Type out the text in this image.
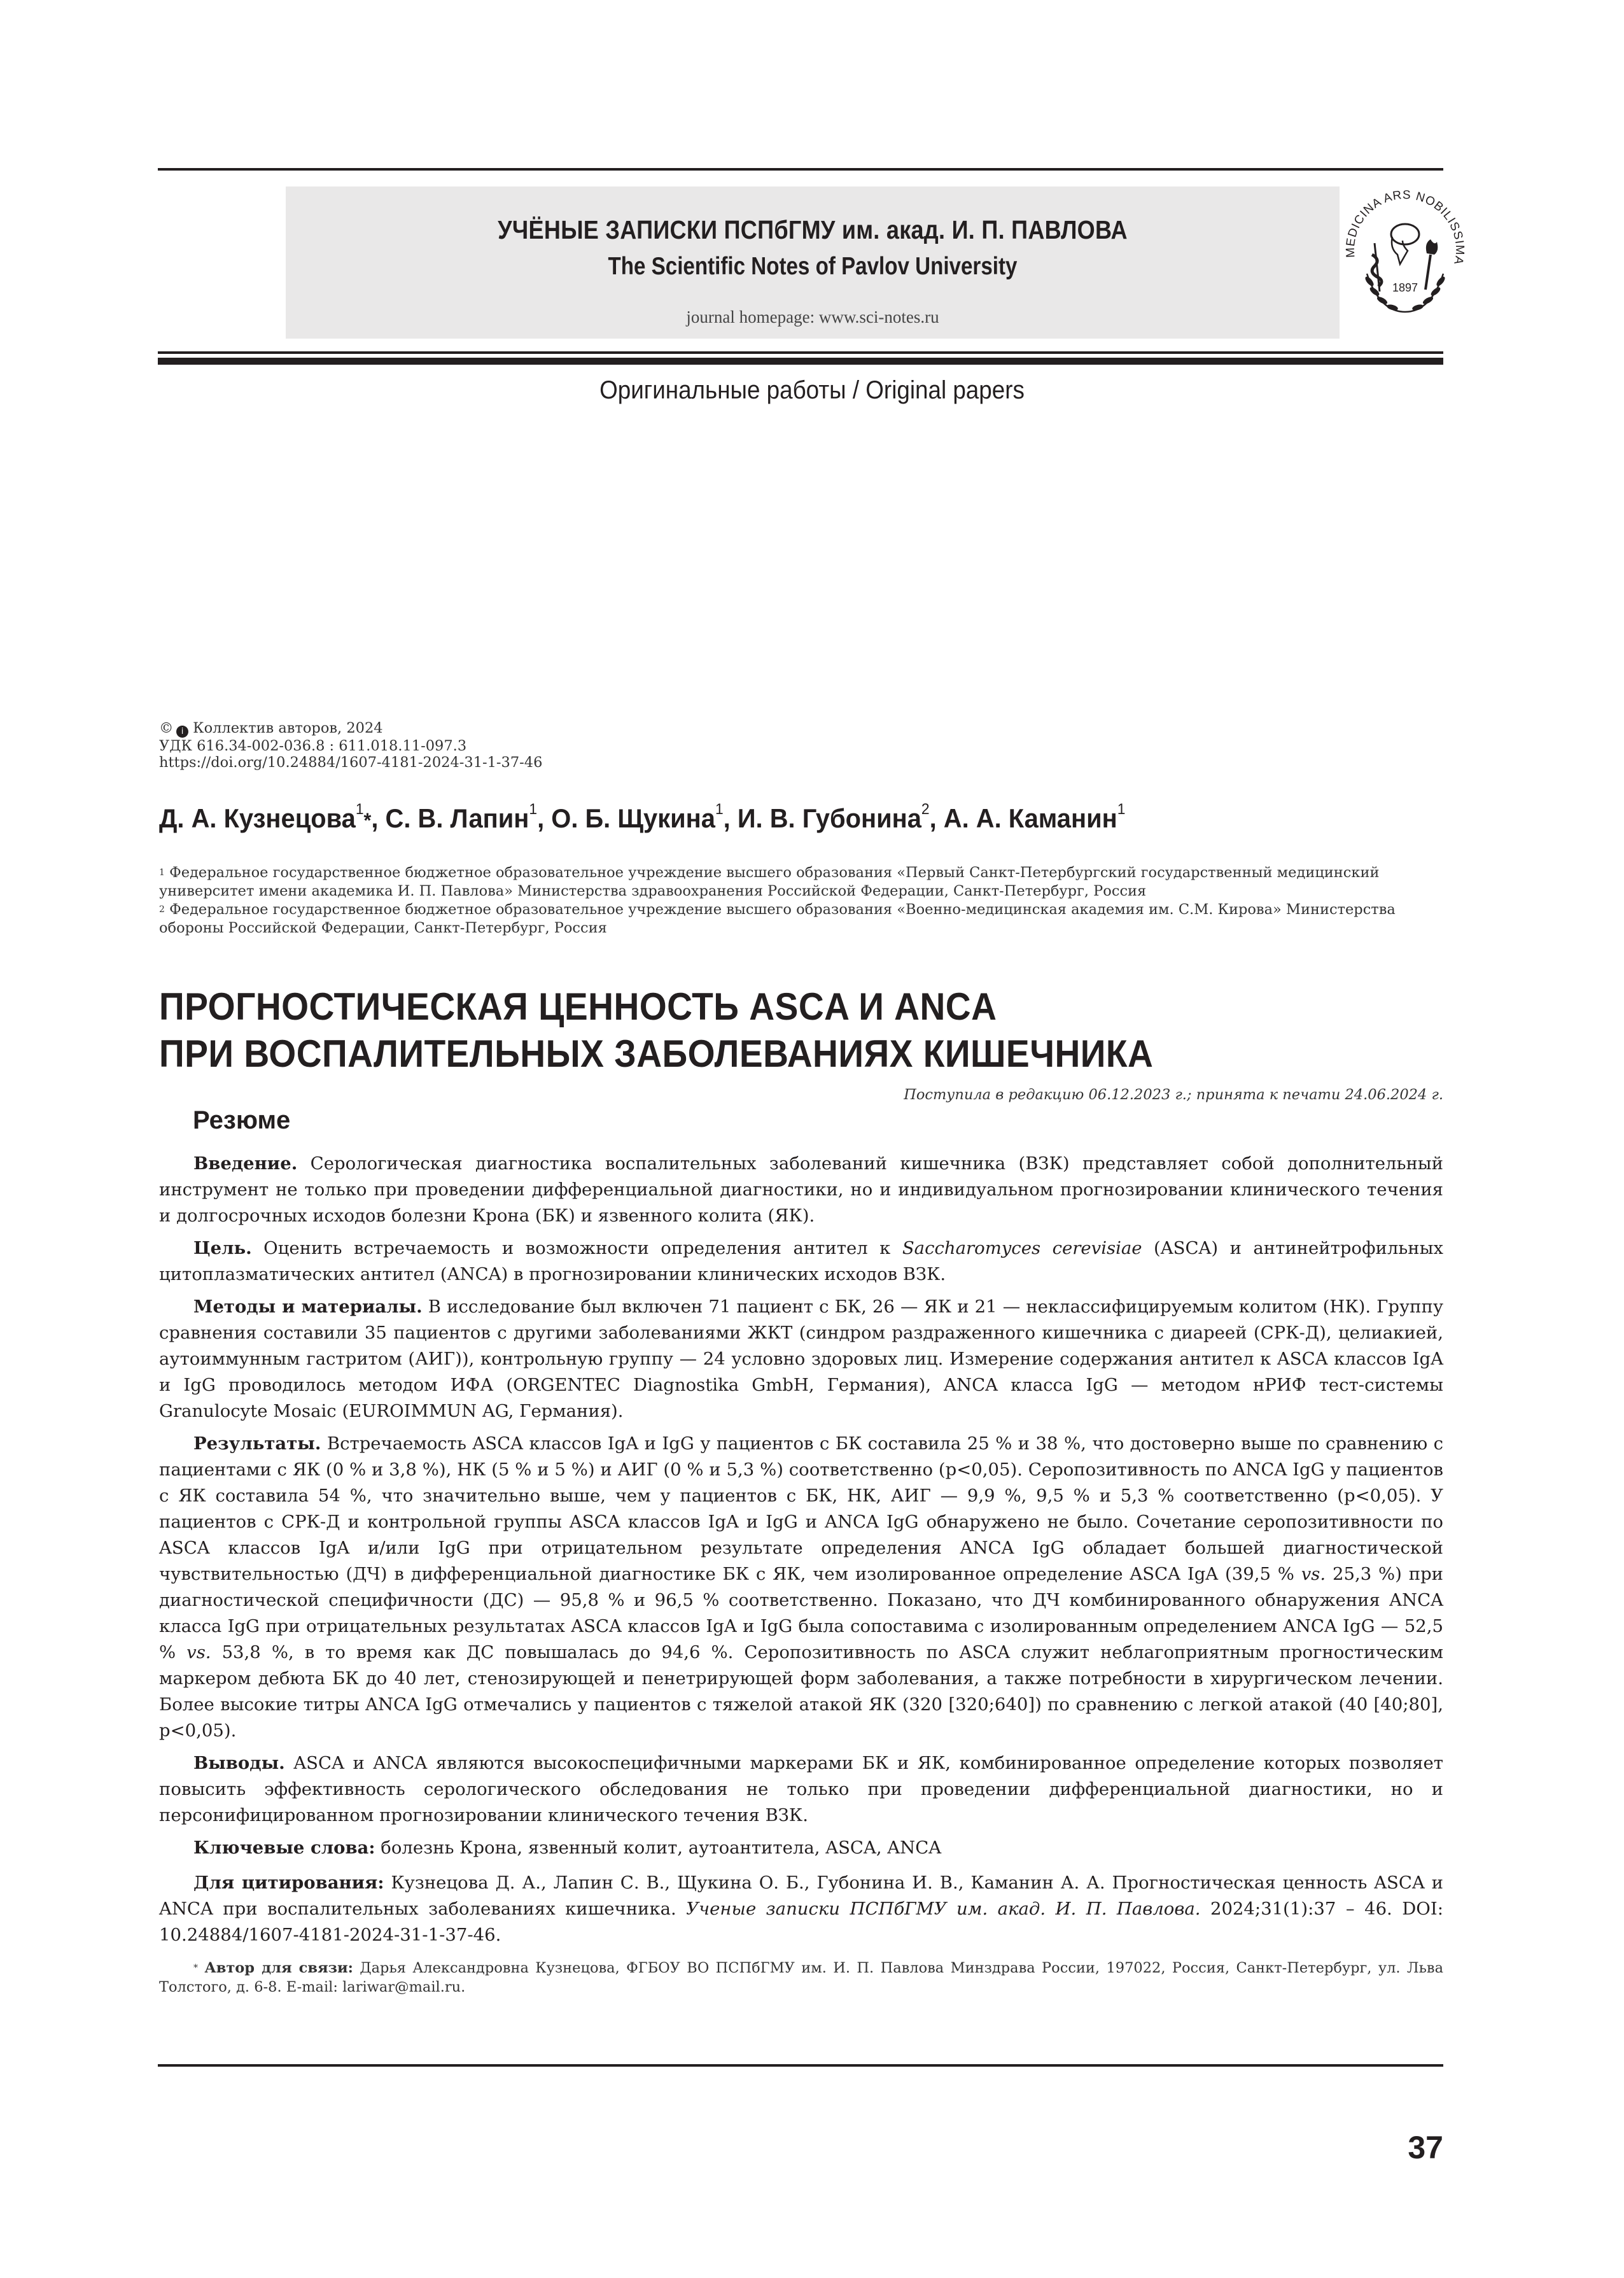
УЧЁНЫЕ ЗАПИСКИ ПСПбГМУ им. акад. И. П. ПАВЛОВА
The Scientific Notes of Pavlov University
journal homepage: www.sci-notes.ru
MEDICINA ARS NOBILISSIMA
1897
Оригинальные работы / Original papers
© i Коллектив авторов, 2024
УДК 616.34-002-036.8 : 611.018.11-097.3
https://doi.org/10.24884/1607-4181-2024-31-1-37-46
Д. А. Кузнецова$^1$*, С. В. Лапин$^1$, О. Б. Щукина$^1$, И. В. Губонина$^2$, А. А. Каманин$^1$
$^1$ Федеральное государственное бюджетное образовательное учреждение высшего образования «Первый Санкт-Петербургский государственный медицинский университет имени академика И. П. Павлова» Министерства здравоохранения Российской Федерации, Санкт-Петербург, Россия
$^2$ Федеральное государственное бюджетное образовательное учреждение высшего образования «Военно-медицинская академия им. С.М. Кирова» Министерства обороны Российской Федерации, Санкт-Петербург, Россия
ПРОГНОСТИЧЕСКАЯ ЦЕННОСТЬ ASCA И ANCA
ПРИ ВОСПАЛИТЕЛЬНЫХ ЗАБОЛЕВАНИЯХ КИШЕЧНИКА
Поступила в редакцию 06.12.2023 г.; принята к печати 24.06.2024 г.
Резюме

Введение. Серологическая диагностика воспалительных заболеваний кишечника (ВЗК) представляет собой дополнительный инструмент не только при проведении дифференциальной диагностики, но и индивидуальном прогнозировании клинического течения и долгосрочных исходов болезни Крона (БК) и язвенного колита (ЯК).

Цель. Оценить встречаемость и возможности определения антител к Saccharomyces cerevisiae (ASCA) и антинейтрофильных цитоплазматических антител (ANCA) в прогнозировании клинических исходов ВЗК.

Методы и материалы. В исследование был включен 71 пациент с БК, 26 — ЯК и 21 — неклассифицируемым колитом (НК). Группу сравнения составили 35 пациентов с другими заболеваниями ЖКТ (синдром раздраженного кишечника с диареей (СРК-Д), целиакией, аутоиммунным гастритом (АИГ)), контрольную группу — 24 условно здоровых лиц. Измерение содержания антител к ASCA классов IgA и IgG проводилось методом ИФА (ORGENTEC Diagnostika GmbH, Германия), ANCA класса IgG — методом нРИФ тест-системы Granulocyte Mosaic (EUROIMMUN AG, Германия).

Результаты. Встречаемость ASCA классов IgA и IgG у пациентов с БК составила 25 % и 38 %, что достоверно выше по сравнению с пациентами с ЯК (0 % и 3,8 %), НК (5 % и 5 %) и АИГ (0 % и 5,3 %) соответственно (p<0,05). Серопозитивность по ANCA IgG у пациентов с ЯК составила 54 %, что значительно выше, чем у пациентов с БК, НК, АИГ — 9,9 %, 9,5 % и 5,3 % соответственно (p<0,05). У пациентов с СРК-Д и контрольной группы ASCA классов IgA и IgG и ANCA IgG обнаружено не было. Сочетание серопозитивности по ASCA классов IgA и/или IgG при отрицательном результате определения ANCA IgG обладает большей диагностической чувствительностью (ДЧ) в дифференциальной диагностике БК с ЯК, чем изолированное определение ASCA IgA (39,5 % vs. 25,3 %) при диагностической специфичности (ДС) — 95,8 % и 96,5 % соответственно. Показано, что ДЧ комбинированного обнаружения ANCA класса IgG при отрицательных результатах ASCA классов IgA и IgG была сопоставима с изолированным определением ANCA IgG — 52,5 % vs. 53,8 %, в то время как ДС повышалась до 94,6 %. Серопозитивность по ASCA служит неблагоприятным прогностическим маркером дебюта БК до 40 лет, стенозирующей и пенетрирующей форм заболевания, а также потребности в хирургическом лечении. Более высокие титры ANCA IgG отмечались у пациентов с тяжелой атакой ЯК (320 [320;640]) по сравнению с легкой атакой (40 [40;80], p<0,05).

Выводы. ASCA и ANCA являются высокоспецифичными маркерами БК и ЯК, комбинированное определение которых позволяет повысить эффективность серологического обследования не только при проведении дифференциальной диагностики, но и персонифицированном прогнозировании клинического течения ВЗК.

Ключевые слова: болезнь Крона, язвенный колит, аутоантитела, ASCA, ANCA

Для цитирования: Кузнецова Д. А., Лапин С. В., Щукина О. Б., Губонина И. В., Каманин А. А. Прогностическая ценность ASCA и ANCA при воспалительных заболеваниях кишечника. Ученые записки ПСПбГМУ им. акад. И. П. Павлова. 2024;31(1):37 – 46. DOI: 10.24884/1607-4181-2024-31-1-37-46.

* Автор для связи: Дарья Александровна Кузнецова, ФГБОУ ВО ПСПбГМУ им. И. П. Павлова Минздрава России, 197022, Россия, Санкт-Петербург, ул. Льва Толстого, д. 6-8. E-mail: lariwar@mail.ru.

37
